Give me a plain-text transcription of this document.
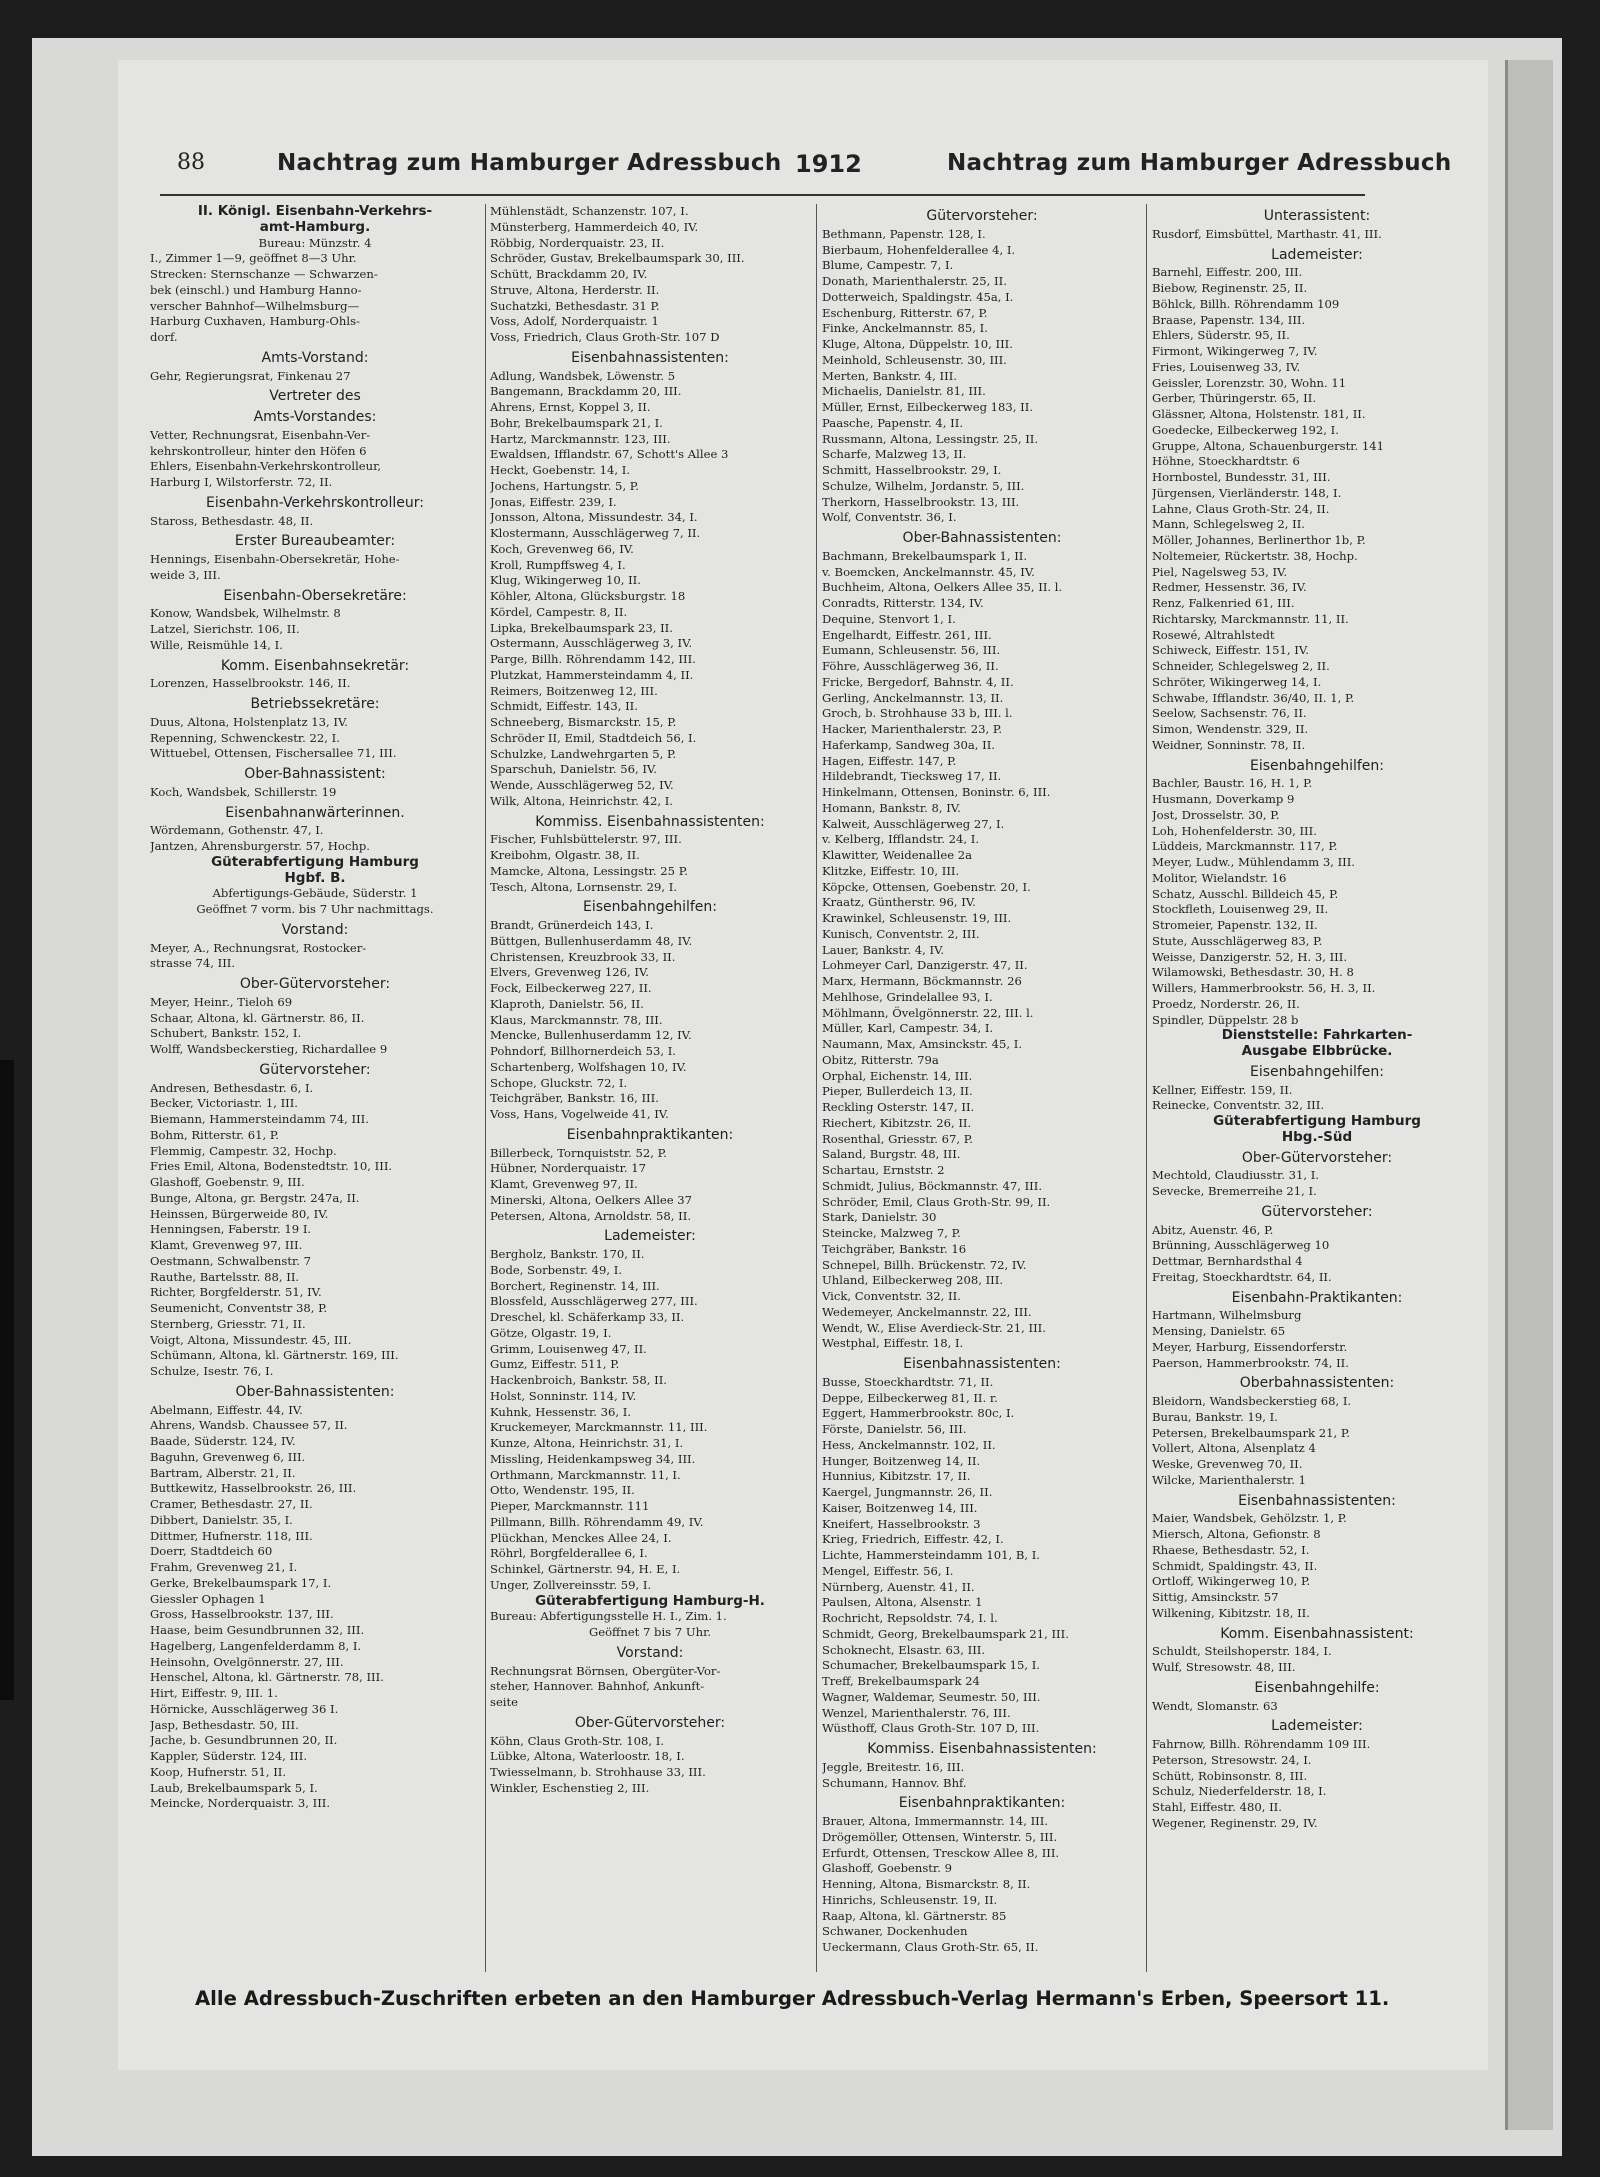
88	Nachtrag zum Hamburger Adressbuch 1912	Nachtrag zum Hamburger Adressbuch
II. Königl. Eisenbahn-Verkehrs-
amt-Hamburg.
Bureau: Münzstr. 4
I., Zimmer 1—9, geöffnet 8—3 Uhr.
Strecken: Sternschanze — Schwarzen-
bek (einschl.) und Hamburg Hanno-
verscher Bahnhof—Wilhelmsburg—
Harburg Cuxhaven, Hamburg-Ohls-
dorf.
Amts-Vorstand:
Gehr, Regierungsrat, Finkenau 27
Vertreter des
Amts-Vorstandes:
Vetter, Rechnungsrat, Eisenbahn-Ver-
kehrskontrolleur, hinter den Höfen 6
Ehlers, Eisenbahn-Verkehrskontrolleur,
Harburg I, Wilstorferstr. 72, II.
Eisenbahn-Verkehrskontrolleur:
Staross, Bethesdastr. 48, II.
Erster Bureaubeamter:
Hennings, Eisenbahn-Obersekretär, Hohe-
weide 3, III.
Eisenbahn-Obersekretäre:
Konow, Wandsbek, Wilhelmstr. 8
Latzel, Sierichstr. 106, II.
Wille, Reismühle 14, I.
Komm. Eisenbahnsekretär:
Lorenzen, Hasselbrookstr. 146, II.
Betriebssekretäre:
Duus, Altona, Holstenplatz 13, IV.
Repenning, Schwenckestr. 22, I.
Wittuebel, Ottensen, Fischersallee 71, III.
Ober-Bahnassistent:
Koch, Wandsbek, Schillerstr. 19
Eisenbahnanwärterinnen.
Wördemann, Gothenstr. 47, I.
Jantzen, Ahrensburgerstr. 57, Hochp.
Güterabfertigung Hamburg
Hgbf. B.
Abfertigungs-Gebäude, Süderstr. 1
Geöffnet 7 vorm. bis 7 Uhr nachmittags.
Vorstand:
Meyer, A., Rechnungsrat, Rostocker-
strasse 74, III.
Ober-Gütervorsteher:
Meyer, Heinr., Tieloh 69
Schaar, Altona, kl. Gärtnerstr. 86, II.
Schubert, Bankstr. 152, I.
Wolff, Wandsbeckerstieg, Richardallee 9
Gütervorsteher:
Andresen, Bethesdastr. 6, I.
Becker, Victoriastr. 1, III.
Biemann, Hammersteindamm 74, III.
Bohm, Ritterstr. 61, P.
Flemmig, Campestr. 32, Hochp.
Fries Emil, Altona, Bodenstedtstr. 10, III.
Glashoff, Goebenstr. 9, III.
Bunge, Altona, gr. Bergstr. 247a, II.
Heinssen, Bürgerweide 80, IV.
Henningsen, Faberstr. 19 I.
Klamt, Grevenweg 97, III.
Oestmann, Schwalbenstr. 7
Rauthe, Bartelsstr. 88, II.
Richter, Borgfelderstr. 51, IV.
Seumenicht, Conventstr 38, P.
Sternberg, Griesstr. 71, II.
Voigt, Altona, Missundestr. 45, III.
Schümann, Altona, kl. Gärtnerstr. 169, III.
Schulze, Isestr. 76, I.
Ober-Bahnassistenten:
Abelmann, Eiffestr. 44, IV.
Ahrens, Wandsb. Chaussee 57, II.
Baade, Süderstr. 124, IV.
Baguhn, Grevenweg 6, III.
Bartram, Alberstr. 21, II.
Buttkewitz, Hasselbrookstr. 26, III.
Cramer, Bethesdastr. 27, II.
Dibbert, Danielstr. 35, I.
Dittmer, Hufnerstr. 118, III.
Doerr, Stadtdeich 60
Frahm, Grevenweg 21, I.
Gerke, Brekelbaumspark 17, I.
Giessler Ophagen 1
Gross, Hasselbrookstr. 137, III.
Haase, beim Gesundbrunnen 32, III.
Hagelberg, Langenfelderdamm 8, I.
Heinsohn, Ovelgönnerstr. 27, III.
Henschel, Altona, kl. Gärtnerstr. 78, III.
Hirt, Eiffestr. 9, III. 1.
Hörnicke, Ausschlägerweg 36 I.
Jasp, Bethesdastr. 50, III.
Jache, b. Gesundbrunnen 20, II.
Kappler, Süderstr. 124, III.
Koop, Hufnerstr. 51, II.
Laub, Brekelbaumspark 5, I.
Meincke, Norderquaistr. 3, III.
Mühlenstädt, Schanzenstr. 107, I.
Münsterberg, Hammerdeich 40, IV.
Röbbig, Norderquaistr. 23, II.
Schröder, Gustav, Brekelbaumspark 30, III.
Schütt, Brackdamm 20, IV.
Struve, Altona, Herderstr. II.
Suchatzki, Bethesdastr. 31 P.
Voss, Adolf, Norderquaistr. 1
Voss, Friedrich, Claus Groth-Str. 107 D
Eisenbahnassistenten:
Adlung, Wandsbek, Löwenstr. 5
Bangemann, Brackdamm 20, III.
Ahrens, Ernst, Koppel 3, II.
Bohr, Brekelbaumspark 21, I.
Hartz, Marckmannstr. 123, III.
Ewaldsen, Ifflandstr. 67, Schott's Allee 3
Heckt, Goebenstr. 14, I.
Jochens, Hartungstr. 5, P.
Jonas, Eiffestr. 239, I.
Jonsson, Altona, Missundestr. 34, I.
Klostermann, Ausschlägerweg 7, II.
Koch, Grevenweg 66, IV.
Kroll, Rumpffsweg 4, I.
Klug, Wikingerweg 10, II.
Köhler, Altona, Glücksburgstr. 18
Kördel, Campestr. 8, II.
Lipka, Brekelbaumspark 23, II.
Ostermann, Ausschlägerweg 3, IV.
Parge, Billh. Röhrendamm 142, III.
Plutzkat, Hammersteindamm 4, II.
Reimers, Boitzenweg 12, III.
Schmidt, Eiffestr. 143, II.
Schneeberg, Bismarckstr. 15, P.
Schröder II, Emil, Stadtdeich 56, I.
Schulzke, Landwehrgarten 5, P.
Sparschuh, Danielstr. 56, IV.
Wende, Ausschlägerweg 52, IV.
Wilk, Altona, Heinrichstr. 42, I.
Kommiss. Eisenbahnassistenten:
Fischer, Fuhlsbüttelerstr. 97, III.
Kreibohm, Olgastr. 38, II.
Mamcke, Altona, Lessingstr. 25 P.
Tesch, Altona, Lornsenstr. 29, I.
Eisenbahngehilfen:
Brandt, Grünerdeich 143, I.
Büttgen, Bullenhuserdamm 48, IV.
Christensen, Kreuzbrook 33, II.
Elvers, Grevenweg 126, IV.
Fock, Eilbeckerweg 227, II.
Klaproth, Danielstr. 56, II.
Klaus, Marckmannstr. 78, III.
Mencke, Bullenhuserdamm 12, IV.
Pohndorf, Billhornerdeich 53, I.
Schartenberg, Wolfshagen 10, IV.
Schope, Gluckstr. 72, I.
Teichgräber, Bankstr. 16, III.
Voss, Hans, Vogelweide 41, IV.
Eisenbahnpraktikanten:
Billerbeck, Tornquiststr. 52, P.
Hübner, Norderquaistr. 17
Klamt, Grevenweg 97, II.
Minerski, Altona, Oelkers Allee 37
Petersen, Altona, Arnoldstr. 58, II.
Lademeister:
Bergholz, Bankstr. 170, II.
Bode, Sorbenstr. 49, I.
Borchert, Reginenstr. 14, III.
Blossfeld, Ausschlägerweg 277, III.
Dreschel, kl. Schäferkamp 33, II.
Götze, Olgastr. 19, I.
Grimm, Louisenweg 47, II.
Gumz, Eiffestr. 511, P.
Hackenbroich, Bankstr. 58, II.
Holst, Sonninstr. 114, IV.
Kuhnk, Hessenstr. 36, I.
Kruckemeyer, Marckmannstr. 11, III.
Kunze, Altona, Heinrichstr. 31, I.
Missling, Heidenkampsweg 34, III.
Orthmann, Marckmannstr. 11, I.
Otto, Wendenstr. 195, II.
Pieper, Marckmannstr. 111
Pillmann, Billh. Röhrendamm 49, IV.
Plückhan, Menckes Allee 24, I.
Röhrl, Borgfelderallee 6, I.
Schinkel, Gärtnerstr. 94, H. E, I.
Unger, Zollvereinsstr. 59, I.
Güterabfertigung Hamburg-H.
Bureau: Abfertigungsstelle H. I., Zim. 1.
Geöffnet 7 bis 7 Uhr.
Vorstand:
Rechnungsrat Börnsen, Obergüter-Vor-
steher, Hannover. Bahnhof, Ankunft-
seite
Ober-Gütervorsteher:
Köhn, Claus Groth-Str. 108, I.
Lübke, Altona, Waterloostr. 18, I.
Twiesselmann, b. Strohhause 33, III.
Winkler, Eschenstieg 2, III.
Gütervorsteher:
Bethmann, Papenstr. 128, I.
Bierbaum, Hohenfelderallee 4, I.
Blume, Campestr. 7, I.
Donath, Marienthalerstr. 25, II.
Dotterweich, Spaldingstr. 45a, I.
Eschenburg, Ritterstr. 67, P.
Finke, Anckelmannstr. 85, I.
Kluge, Altona, Düppelstr. 10, III.
Meinhold, Schleusenstr. 30, III.
Merten, Bankstr. 4, III.
Michaelis, Danielstr. 81, III.
Müller, Ernst, Eilbeckerweg 183, II.
Paasche, Papenstr. 4, II.
Russmann, Altona, Lessingstr. 25, II.
Scharfe, Malzweg 13, II.
Schmitt, Hasselbrookstr. 29, I.
Schulze, Wilhelm, Jordanstr. 5, III.
Therkorn, Hasselbrookstr. 13, III.
Wolf, Conventstr. 36, I.
Ober-Bahnassistenten:
Bachmann, Brekelbaumspark 1, II.
v. Boemcken, Anckelmannstr. 45, IV.
Buchheim, Altona, Oelkers Allee 35, II. l.
Conradts, Ritterstr. 134, IV.
Dequine, Stenvort 1, I.
Engelhardt, Eiffestr. 261, III.
Eumann, Schleusenstr. 56, III.
Föhre, Ausschlägerweg 36, II.
Fricke, Bergedorf, Bahnstr. 4, II.
Gerling, Anckelmannstr. 13, II.
Groch, b. Strohhause 33 b, III. l.
Hacker, Marienthalerstr. 23, P.
Haferkamp, Sandweg 30a, II.
Hagen, Eiffestr. 147, P.
Hildebrandt, Tiecksweg 17, II.
Hinkelmann, Ottensen, Boninstr. 6, III.
Homann, Bankstr. 8, IV.
Kalweit, Ausschlägerweg 27, I.
v. Kelberg, Ifflandstr. 24, I.
Klawitter, Weidenallee 2a
Klitzke, Eiffestr. 10, III.
Köpcke, Ottensen, Goebenstr. 20, I.
Kraatz, Güntherstr. 96, IV.
Krawinkel, Schleusenstr. 19, III.
Kunisch, Conventstr. 2, III.
Lauer, Bankstr. 4, IV.
Lohmeyer Carl, Danzigerstr. 47, II.
Marx, Hermann, Böckmannstr. 26
Mehlhose, Grindelallee 93, I.
Möhlmann, Övelgönnerstr. 22, III. l.
Müller, Karl, Campestr. 34, I.
Naumann, Max, Amsinckstr. 45, I.
Obitz, Ritterstr. 79a
Orphal, Eichenstr. 14, III.
Pieper, Bullerdeich 13, II.
Reckling Osterstr. 147, II.
Riechert, Kibitzstr. 26, II.
Rosenthal, Griesstr. 67, P.
Saland, Burgstr. 48, III.
Schartau, Ernststr. 2
Schmidt, Julius, Böckmannstr. 47, III.
Schröder, Emil, Claus Groth-Str. 99, II.
Stark, Danielstr. 30
Steincke, Malzweg 7, P.
Teichgräber, Bankstr. 16
Schnepel, Billh. Brückenstr. 72, IV.
Uhland, Eilbeckerweg 208, III.
Vick, Conventstr. 32, II.
Wedemeyer, Anckelmannstr. 22, III.
Wendt, W., Elise Averdieck-Str. 21, III.
Westphal, Eiffestr. 18, I.
Eisenbahnassistenten:
Busse, Stoeckhardtstr. 71, II.
Deppe, Eilbeckerweg 81, II. r.
Eggert, Hammerbrookstr. 80c, I.
Förste, Danielstr. 56, III.
Hess, Anckelmannstr. 102, II.
Hunger, Boitzenweg 14, II.
Hunnius, Kibitzstr. 17, II.
Kaergel, Jungmannstr. 26, II.
Kaiser, Boitzenweg 14, III.
Kneifert, Hasselbrookstr. 3
Krieg, Friedrich, Eiffestr. 42, I.
Lichte, Hammersteindamm 101, B, I.
Mengel, Eiffestr. 56, I.
Nürnberg, Auenstr. 41, II.
Paulsen, Altona, Alsenstr. 1
Rochricht, Repsoldstr. 74, I. l.
Schmidt, Georg, Brekelbaumspark 21, III.
Schoknecht, Elsastr. 63, III.
Schumacher, Brekelbaumspark 15, I.
Treff, Brekelbaumspark 24
Wagner, Waldemar, Seumestr. 50, III.
Wenzel, Marienthalerstr. 76, III.
Wüsthoff, Claus Groth-Str. 107 D, III.
Kommiss. Eisenbahnassistenten:
Jeggle, Breitestr. 16, III.
Schumann, Hannov. Bhf.
Eisenbahnpraktikanten:
Brauer, Altona, Immermannstr. 14, III.
Drögemöller, Ottensen, Winterstr. 5, III.
Erfurdt, Ottensen, Tresckow Allee 8, III.
Glashoff, Goebenstr. 9
Henning, Altona, Bismarckstr. 8, II.
Hinrichs, Schleusenstr. 19, II.
Raap, Altona, kl. Gärtnerstr. 85
Schwaner, Dockenhuden
Ueckermann, Claus Groth-Str. 65, II.
Unterassistent:
Rusdorf, Eimsbüttel, Marthastr. 41, III.
Lademeister:
Barnehl, Eiffestr. 200, III.
Biebow, Reginenstr. 25, II.
Böhlck, Billh. Röhrendamm 109
Braase, Papenstr. 134, III.
Ehlers, Süderstr. 95, II.
Firmont, Wikingerweg 7, IV.
Fries, Louisenweg 33, IV.
Geissler, Lorenzstr. 30, Wohn. 11
Gerber, Thüringerstr. 65, II.
Glässner, Altona, Holstenstr. 181, II.
Goedecke, Eilbeckerweg 192, I.
Gruppe, Altona, Schauenburgerstr. 141
Höhne, Stoeckhardtstr. 6
Hornbostel, Bundesstr. 31, III.
Jürgensen, Vierländerstr. 148, I.
Lahne, Claus Groth-Str. 24, II.
Mann, Schlegelsweg 2, II.
Möller, Johannes, Berlinerthor 1b, P.
Noltemeier, Rückertstr. 38, Hochp.
Piel, Nagelsweg 53, IV.
Redmer, Hessenstr. 36, IV.
Renz, Falkenried 61, III.
Richtarsky, Marckmannstr. 11, II.
Rosewé, Altrahlstedt
Schiweck, Eiffestr. 151, IV.
Schneider, Schlegelsweg 2, II.
Schröter, Wikingerweg 14, I.
Schwabe, Ifflandstr. 36/40, II. 1, P.
Seelow, Sachsenstr. 76, II.
Simon, Wendenstr. 329, II.
Weidner, Sonninstr. 78, II.
Eisenbahngehilfen:
Bachler, Baustr. 16, H. 1, P.
Husmann, Doverkamp 9
Jost, Drosselstr. 30, P.
Loh, Hohenfelderstr. 30, III.
Lüddeis, Marckmannstr. 117, P.
Meyer, Ludw., Mühlendamm 3, III.
Molitor, Wielandstr. 16
Schatz, Ausschl. Billdeich 45, P.
Stockfleth, Louisenweg 29, II.
Stromeier, Papenstr. 132, II.
Stute, Ausschlägerweg 83, P.
Weisse, Danzigerstr. 52, H. 3, III.
Wilamowski, Bethesdastr. 30, H. 8
Willers, Hammerbrookstr. 56, H. 3, II.
Proedz, Norderstr. 26, II.
Spindler, Düppelstr. 28 b
Dienststelle: Fahrkarten-
Ausgabe Elbbrücke.
Eisenbahngehilfen:
Kellner, Eiffestr. 159, II.
Reinecke, Conventstr. 32, III.
Güterabfertigung Hamburg
Hbg.-Süd
Ober-Gütervorsteher:
Mechtold, Claudiusstr. 31, I.
Sevecke, Bremerreihe 21, I.
Gütervorsteher:
Abitz, Auenstr. 46, P.
Brünning, Ausschlägerweg 10
Dettmar, Bernhardsthal 4
Freitag, Stoeckhardtstr. 64, II.
Eisenbahn-Praktikanten:
Hartmann, Wilhelmsburg
Mensing, Danielstr. 65
Meyer, Harburg, Eissendorferstr.
Paerson, Hammerbrookstr. 74, II.
Oberbahnassistenten:
Bleidorn, Wandsbeckerstieg 68, I.
Burau, Bankstr. 19, I.
Petersen, Brekelbaumspark 21, P.
Vollert, Altona, Alsenplatz 4
Weske, Grevenweg 70, II.
Wilcke, Marienthalerstr. 1
Eisenbahnassistenten:
Maier, Wandsbek, Gehölzstr. 1, P.
Miersch, Altona, Gefionstr. 8
Rhaese, Bethesdastr. 52, I.
Schmidt, Spaldingstr. 43, II.
Ortloff, Wikingerweg 10, P.
Sittig, Amsinckstr. 57
Wilkening, Kibitzstr. 18, II.
Komm. Eisenbahnassistent:
Schuldt, Steilshoperstr. 184, I.
Wulf, Stresowstr. 48, III.
Eisenbahngehilfe:
Wendt, Slomanstr. 63
Lademeister:
Fahrnow, Billh. Röhrendamm 109 III.
Peterson, Stresowstr. 24, I.
Schütt, Robinsonstr. 8, III.
Schulz, Niederfelderstr. 18, I.
Stahl, Eiffestr. 480, II.
Wegener, Reginenstr. 29, IV.
Alle Adressbuch-Zuschriften erbeten an den Hamburger Adressbuch-Verlag Hermann's Erben, Speersort 11.
